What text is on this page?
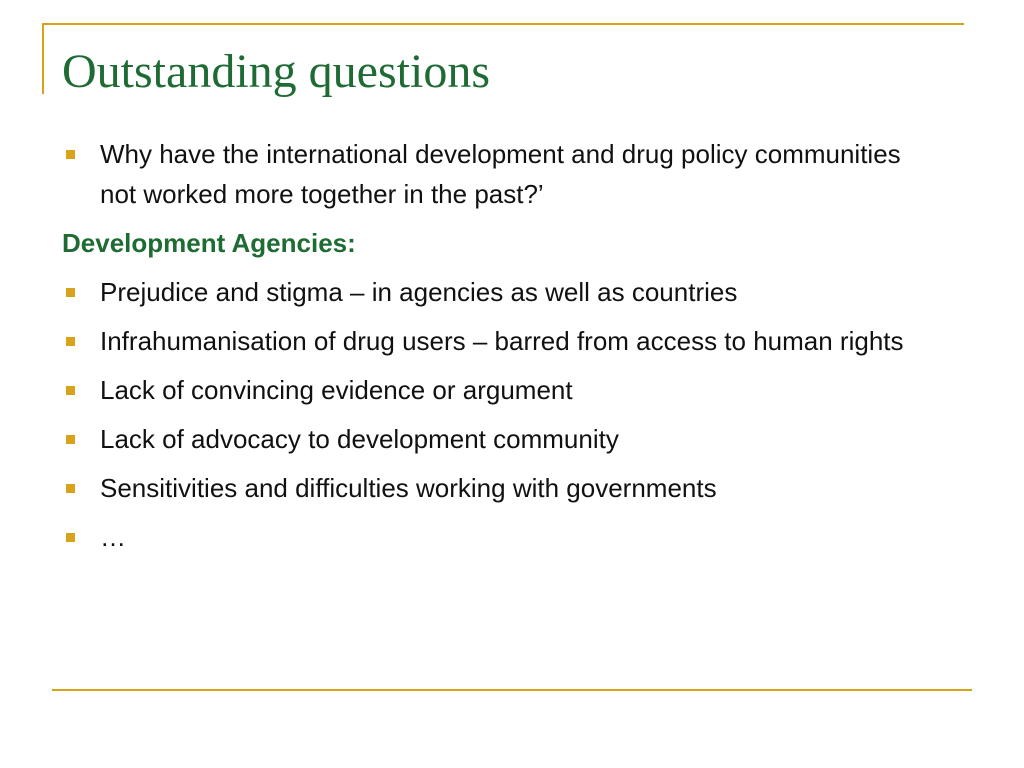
Outstanding questions
Why have the international development and drug policy communities not worked more together in the past?’
Development Agencies:
Prejudice and stigma – in agencies as well as countries
Infrahumanisation of drug users – barred from access to human rights
Lack of convincing evidence or argument
Lack of advocacy to development community
Sensitivities and difficulties working with governments
…
